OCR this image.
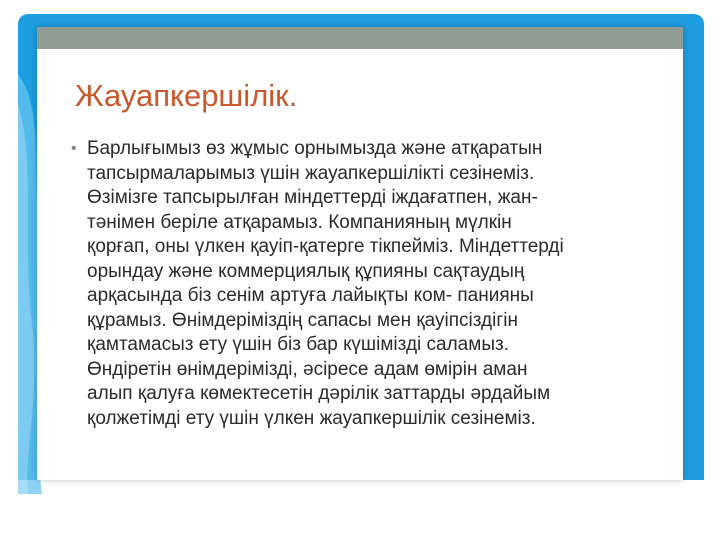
Жауапкершілік.
• Барлығымыз өз жұмыс орнымызда және атқаратын
тапсырмаларымыз үшін жауапкершілікті сезінеміз.
Өзімізге тапсырылған міндеттерді іждағатпен, жан-
тәнімен беріле атқарамыз. Компанияның мүлкін
қорғап, оны үлкен қауіп-қатерге тікпейміз. Міндеттерді
орындау және коммерциялық құпияны сақтаудың
арқасында біз сенім артуға лайықты ком- панияны
құрамыз. Өнімдеріміздің сапасы мен қауіпсіздігін
қамтамасыз ету үшін біз бар күшімізді саламыз.
Өндіретін өнімдерімізді, әсіресе адам өмірін аман
алып қалуға көмектесетін дәрілік заттарды әрдайым
қолжетімді ету үшін үлкен жауапкершілік сезінеміз.
